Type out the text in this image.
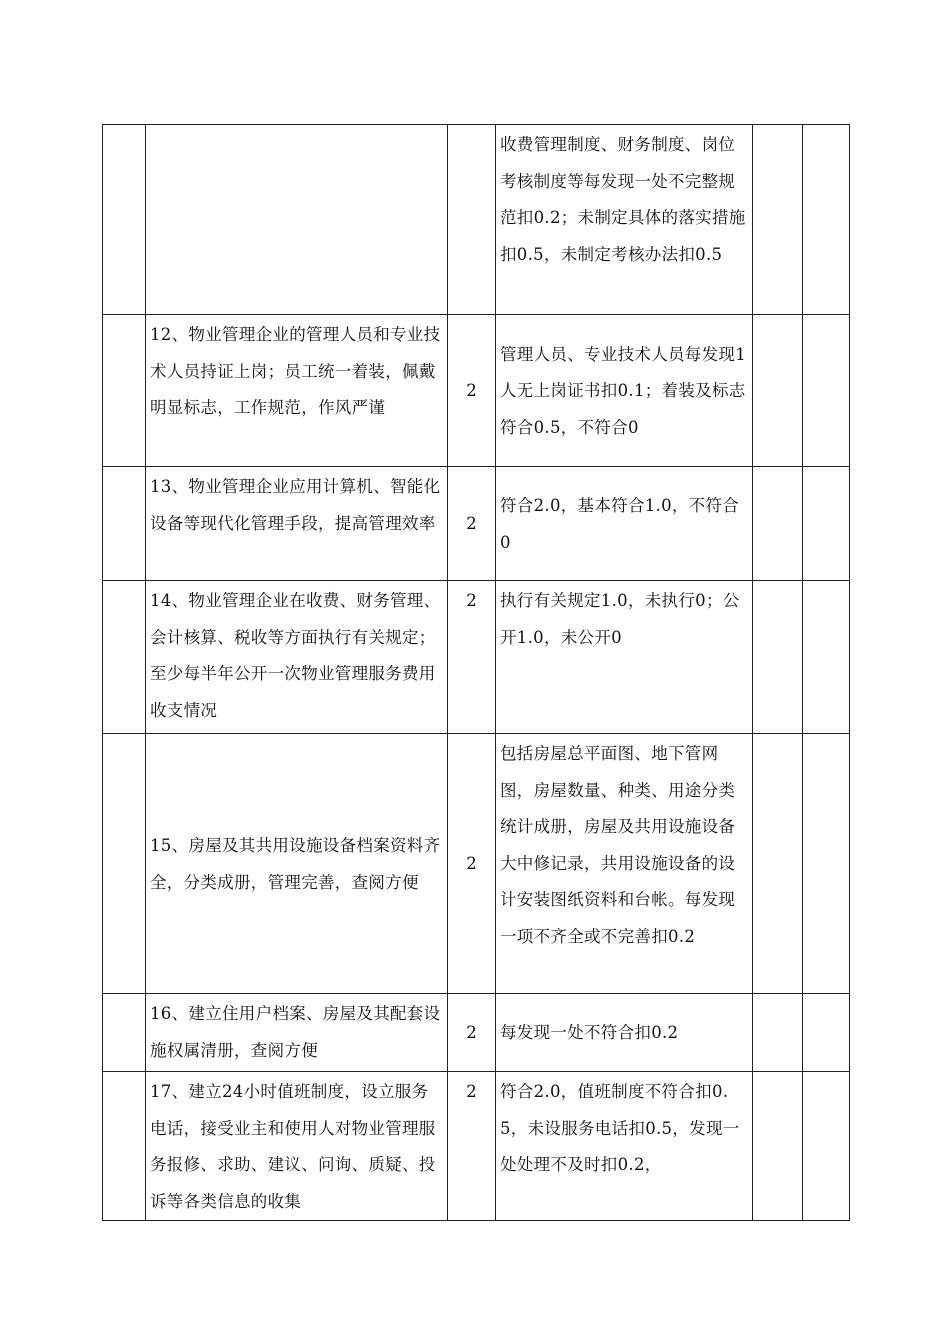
			收费管理制度、财务制度、岗位考核制度等每发现一处不完整规范扣0.2；未制定具体的落实措施扣0.5，未制定考核办法扣0.5		
	12、物业管理企业的管理人员和专业技术人员持证上岗；员工统一着装，佩戴明显标志，工作规范，作风严谨	2	管理人员、专业技术人员每发现1人无上岗证书扣0.1；着装及标志符合0.5，不符合0		
	13、物业管理企业应用计算机、智能化设备等现代化管理手段，提高管理效率	2	符合2.0，基本符合1.0，不符合0		
	14、物业管理企业在收费、财务管理、会计核算、税收等方面执行有关规定；至少每半年公开一次物业管理服务费用收支情况	2	执行有关规定1.0，未执行0；公开1.0，未公开0		
	15、房屋及其共用设施设备档案资料齐全，分类成册，管理完善，查阅方便	2	包括房屋总平面图、地下管网图，房屋数量、种类、用途分类统计成册，房屋及共用设施设备大中修记录，共用设施设备的设计安装图纸资料和台帐。每发现一项不齐全或不完善扣0.2		
	16、建立住用户档案、房屋及其配套设施权属清册，查阅方便	2	每发现一处不符合扣0.2		
	17、建立24小时值班制度，设立服务电话，接受业主和使用人对物业管理服务报修、求助、建议、问询、质疑、投诉等各类信息的收集	2	符合2.0，值班制度不符合扣0.5，未设服务电话扣0.5，发现一处处理不及时扣0.2，		
